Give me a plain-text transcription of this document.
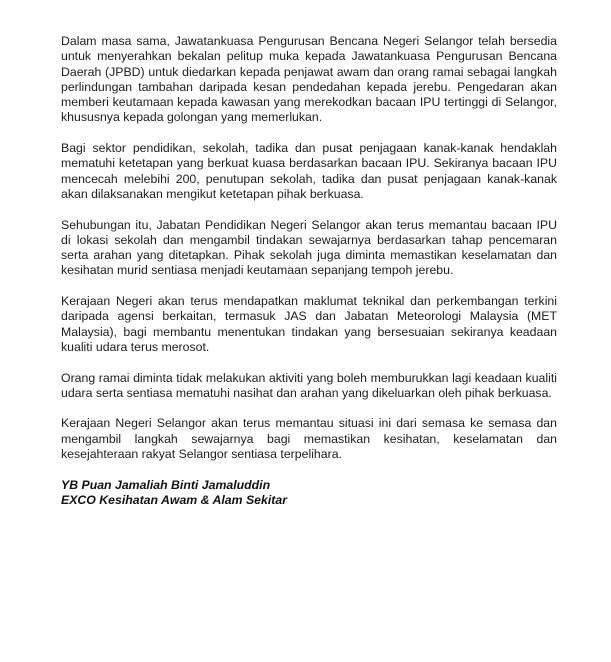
Dalam masa sama, Jawatankuasa Pengurusan Bencana Negeri Selangor telah bersedia untuk menyerahkan bekalan pelitup muka kepada Jawatankuasa Pengurusan Bencana Daerah (JPBD) untuk diedarkan kepada penjawat awam dan orang ramai sebagai langkah perlindungan tambahan daripada kesan pendedahan kepada jerebu. Pengedaran akan memberi keutamaan kepada kawasan yang merekodkan bacaan IPU tertinggi di Selangor, khususnya kepada golongan yang memerlukan.

Bagi sektor pendidikan, sekolah, tadika dan pusat penjagaan kanak-kanak hendaklah mematuhi ketetapan yang berkuat kuasa berdasarkan bacaan IPU. Sekiranya bacaan IPU mencecah melebihi 200, penutupan sekolah, tadika dan pusat penjagaan kanak-kanak akan dilaksanakan mengikut ketetapan pihak berkuasa.

Sehubungan itu, Jabatan Pendidikan Negeri Selangor akan terus memantau bacaan IPU di lokasi sekolah dan mengambil tindakan sewajarnya berdasarkan tahap pencemaran serta arahan yang ditetapkan. Pihak sekolah juga diminta memastikan keselamatan dan kesihatan murid sentiasa menjadi keutamaan sepanjang tempoh jerebu.

Kerajaan Negeri akan terus mendapatkan maklumat teknikal dan perkembangan terkini daripada agensi berkaitan, termasuk JAS dan Jabatan Meteorologi Malaysia (MET Malaysia), bagi membantu menentukan tindakan yang bersesuaian sekiranya keadaan kualiti udara terus merosot.

Orang ramai diminta tidak melakukan aktiviti yang boleh memburukkan lagi keadaan kualiti udara serta sentiasa mematuhi nasihat dan arahan yang dikeluarkan oleh pihak berkuasa.

Kerajaan Negeri Selangor akan terus memantau situasi ini dari semasa ke semasa dan mengambil langkah sewajarnya bagi memastikan kesihatan, keselamatan dan kesejahteraan rakyat Selangor sentiasa terpelihara.

YB Puan Jamaliah Binti Jamaluddin

EXCO Kesihatan Awam & Alam Sekitar
